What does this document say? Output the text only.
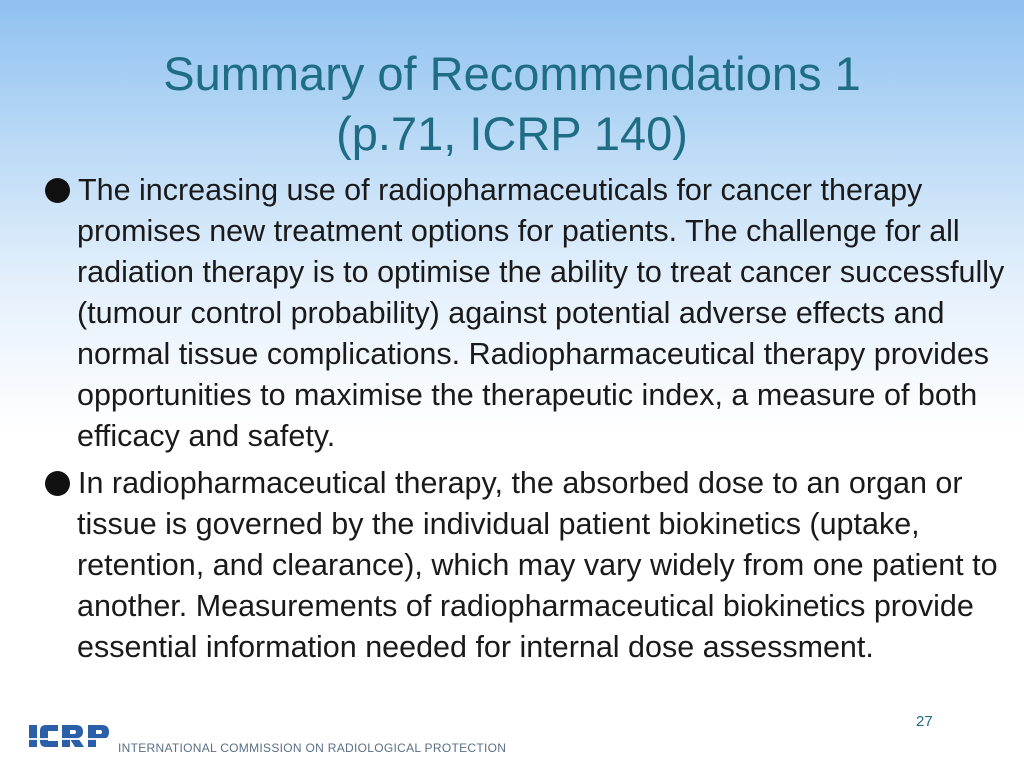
Summary of Recommendations 1
(p.71, ICRP 140)
The increasing use of radiopharmaceuticals for cancer therapy promises new treatment options for patients. The challenge for all radiation therapy is to optimise the ability to treat cancer successfully (tumour control probability) against potential adverse effects and normal tissue complications. Radiopharmaceutical therapy provides opportunities to maximise the therapeutic index, a measure of both efficacy and safety.
In radiopharmaceutical therapy, the absorbed dose to an organ or tissue is governed by the individual patient biokinetics (uptake, retention, and clearance), which may vary widely from one patient to another. Measurements of radiopharmaceutical biokinetics provide essential information needed for internal dose assessment.
INTERNATIONAL COMMISSION ON RADIOLOGICAL PROTECTION
27
